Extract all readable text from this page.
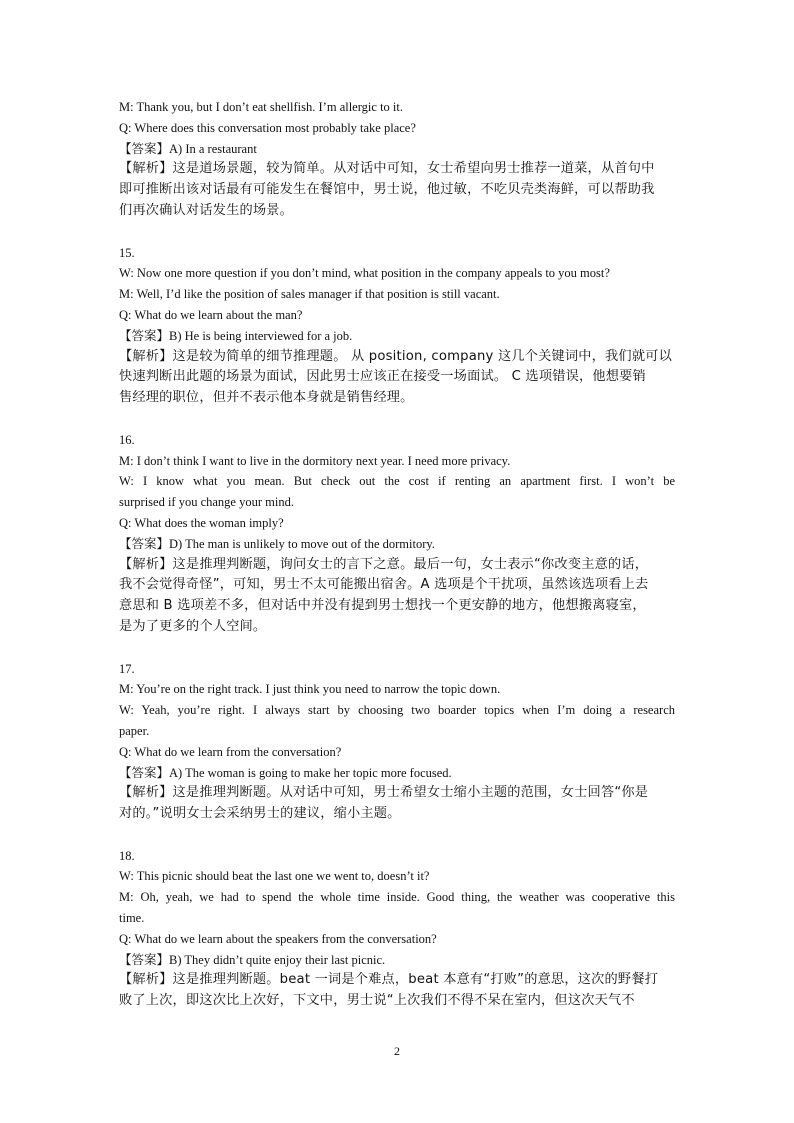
M: Thank you, but I don’t eat shellfish. I’m allergic to it.
Q: Where does this conversation most probably take place?
【答案】A) In a restaurant
【解析】这是道场景题，较为简单。从对话中可知，女士希望向男士推荐一道菜，从首句中
即可推断出该对话最有可能发生在餐馆中，男士说，他过敏，不吃贝壳类海鲜，可以帮助我
们再次确认对话发生的场景。
15.
W: Now one more question if you don’t mind, what position in the company appeals to you most?
M: Well, I’d like the position of sales manager if that position is still vacant.
Q: What do we learn about the man?
【答案】B) He is being interviewed for a job.
【解析】这是较为简单的细节推理题。 从 position, company 这几个关键词中，我们就可以
快速判断出此题的场景为面试，因此男士应该正在接受一场面试。 C 选项错误，他想要销
售经理的职位，但并不表示他本身就是销售经理。
16.
M: I don’t think I want to live in the dormitory next year. I need more privacy.
W: I know what you mean. But check out the cost if renting an apartment first. I won’t be
surprised if you change your mind.
Q: What does the woman imply?
【答案】D) The man is unlikely to move out of the dormitory.
【解析】这是推理判断题，询问女士的言下之意。最后一句，女士表示“你改变主意的话，
我不会觉得奇怪”，可知，男士不太可能搬出宿舍。A 选项是个干扰项，虽然该选项看上去
意思和 B 选项差不多，但对话中并没有提到男士想找一个更安静的地方，他想搬离寝室，
是为了更多的个人空间。
17.
M: You’re on the right track. I just think you need to narrow the topic down.
W: Yeah, you’re right. I always start by choosing two boarder topics when I’m doing a research
paper.
Q: What do we learn from the conversation?
【答案】A) The woman is going to make her topic more focused.
【解析】这是推理判断题。从对话中可知，男士希望女士缩小主题的范围，女士回答“你是
对的。”说明女士会采纳男士的建议，缩小主题。
18.
W: This picnic should beat the last one we went to, doesn’t it?
M: Oh, yeah, we had to spend the whole time inside. Good thing, the weather was cooperative this
time.
Q: What do we learn about the speakers from the conversation?
【答案】B) They didn’t quite enjoy their last picnic.
【解析】这是推理判断题。beat 一词是个难点，beat 本意有“打败”的意思，这次的野餐打
败了上次，即这次比上次好，下文中，男士说“上次我们不得不呆在室内，但这次天气不
2
